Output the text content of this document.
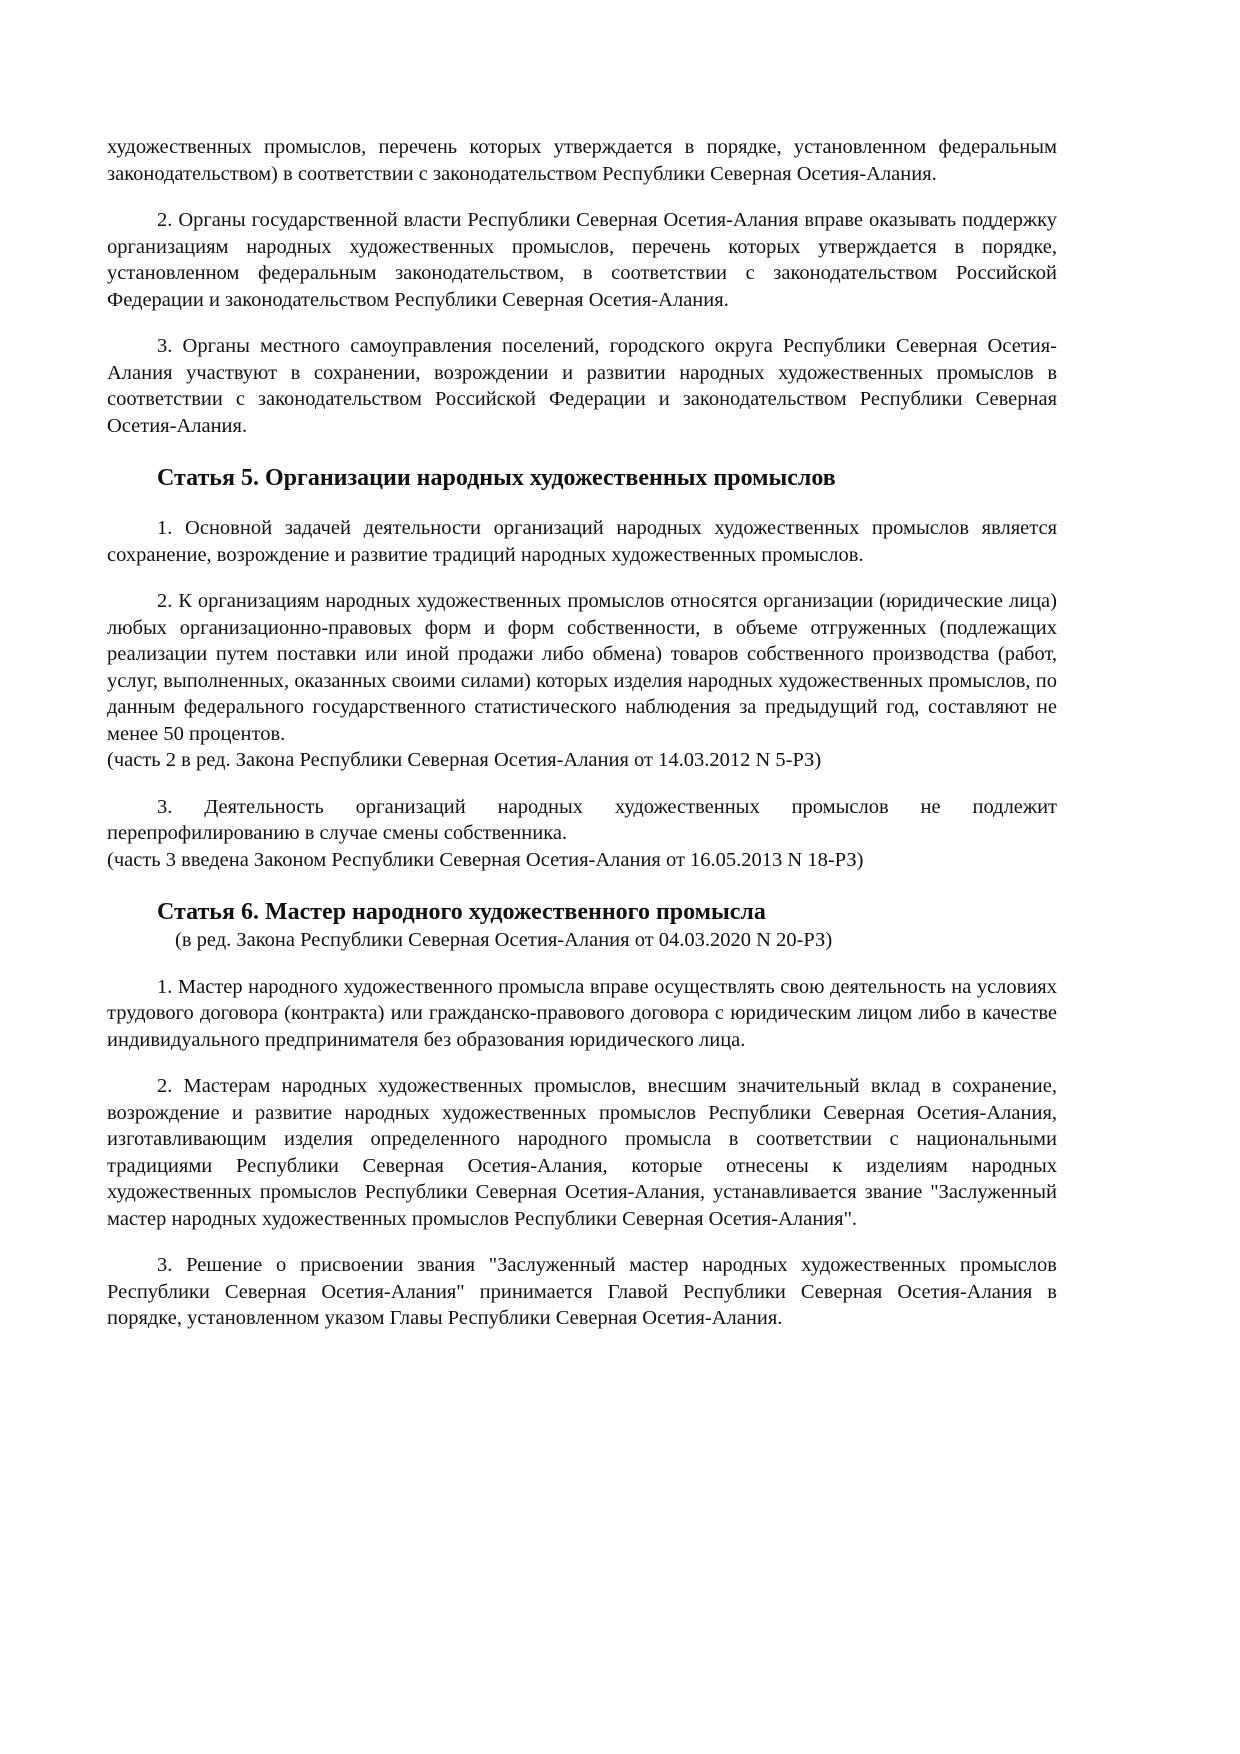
художественных промыслов, перечень которых утверждается в порядке, установленном федеральным законодательством) в соответствии с законодательством Республики Северная Осетия-Алания.

2. Органы государственной власти Республики Северная Осетия-Алания вправе оказывать поддержку организациям народных художественных промыслов, перечень которых утверждается в порядке, установленном федеральным законодательством, в соответствии с законодательством Российской Федерации и законодательством Республики Северная Осетия-Алания.

3. Органы местного самоуправления поселений, городского округа Республики Северная Осетия-Алания участвуют в сохранении, возрождении и развитии народных художественных промыслов в соответствии с законодательством Российской Федерации и законодательством Республики Северная Осетия-Алания.

Статья 5. Организации народных художественных промыслов

1. Основной задачей деятельности организаций народных художественных промыслов является сохранение, возрождение и развитие традиций народных художественных промыслов.

2. К организациям народных художественных промыслов относятся организации (юридические лица) любых организационно-правовых форм и форм собственности, в объеме отгруженных (подлежащих реализации путем поставки или иной продажи либо обмена) товаров собственного производства (работ, услуг, выполненных, оказанных своими силами) которых изделия народных художественных промыслов, по данным федерального государственного статистического наблюдения за предыдущий год, составляют не менее 50 процентов.

(часть 2 в ред. Закона Республики Северная Осетия-Алания от 14.03.2012 N 5-РЗ)

3. Деятельность организаций народных художественных промыслов не подлежит перепрофилированию в случае смены собственника.

(часть 3 введена Законом Республики Северная Осетия-Алания от 16.05.2013 N 18-РЗ)

Статья 6. Мастер народного художественного промысла

(в ред. Закона Республики Северная Осетия-Алания от 04.03.2020 N 20-РЗ)

1. Мастер народного художественного промысла вправе осуществлять свою деятельность на условиях трудового договора (контракта) или гражданско-правового договора с юридическим лицом либо в качестве индивидуального предпринимателя без образования юридического лица.

2. Мастерам народных художественных промыслов, внесшим значительный вклад в сохранение, возрождение и развитие народных художественных промыслов Республики Северная Осетия-Алания, изготавливающим изделия определенного народного промысла в соответствии с национальными традициями Республики Северная Осетия-Алания, которые отнесены к изделиям народных художественных промыслов Республики Северная Осетия-Алания, устанавливается звание "Заслуженный мастер народных художественных промыслов Республики Северная Осетия-Алания".

3. Решение о присвоении звания "Заслуженный мастер народных художественных промыслов Республики Северная Осетия-Алания" принимается Главой Республики Северная Осетия-Алания в порядке, установленном указом Главы Республики Северная Осетия-Алания.
